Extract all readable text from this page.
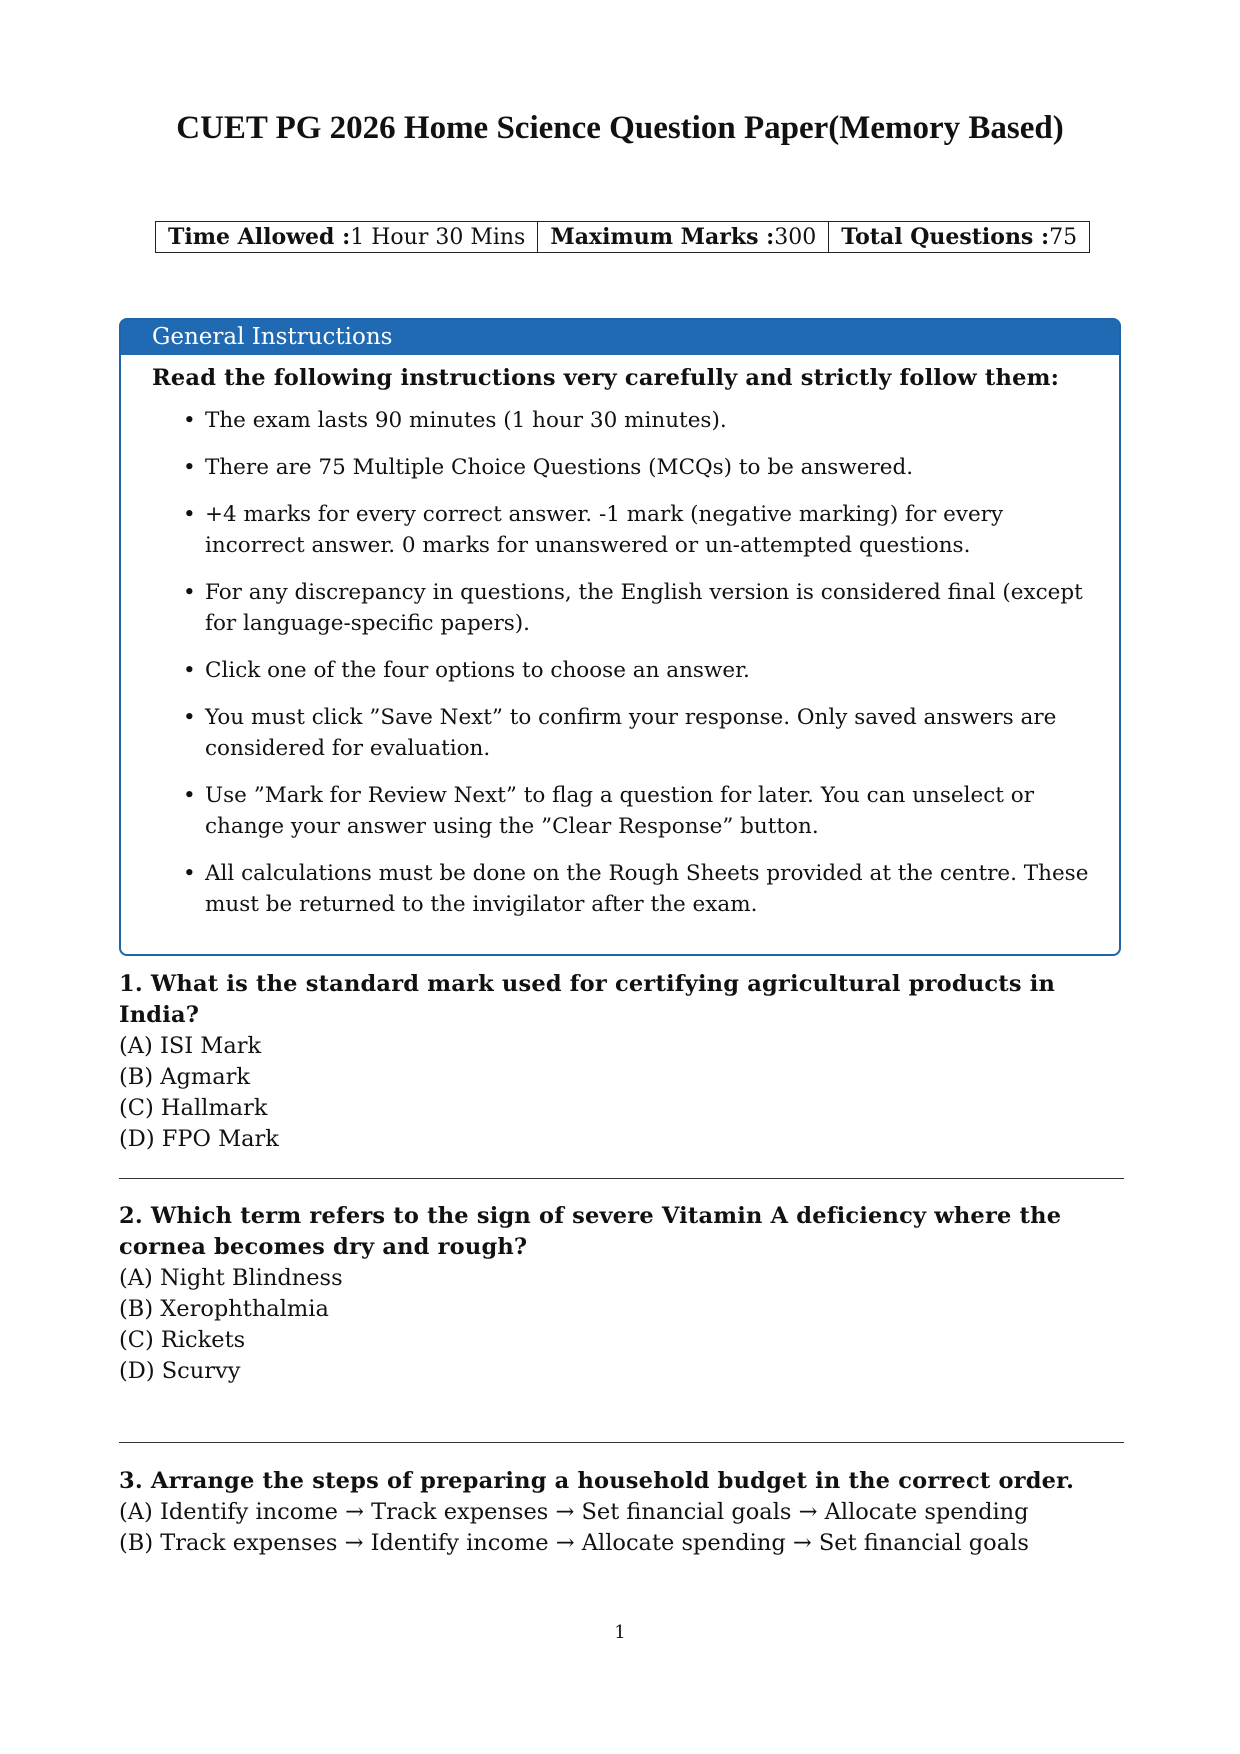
CUET PG 2026 Home Science Question Paper(Memory Based)
Time Allowed :1 Hour 30 Mins	Maximum Marks :300	Total Questions :75
General Instructions
Read the following instructions very carefully and strictly follow them:
• The exam lasts 90 minutes (1 hour 30 minutes).
• There are 75 Multiple Choice Questions (MCQs) to be answered.
• +4 marks for every correct answer. -1 mark (negative marking) for every incorrect answer. 0 marks for unanswered or un-attempted questions.
• For any discrepancy in questions, the English version is considered final (except for language-specific papers).
• Click one of the four options to choose an answer.
• You must click ”Save Next” to confirm your response. Only saved answers are considered for evaluation.
• Use ”Mark for Review Next” to flag a question for later. You can unselect or change your answer using the ”Clear Response” button.
• All calculations must be done on the Rough Sheets provided at the centre. These must be returned to the invigilator after the exam.
1. What is the standard mark used for certifying agricultural products in India?
(A) ISI Mark
(B) Agmark
(C) Hallmark
(D) FPO Mark
2. Which term refers to the sign of severe Vitamin A deficiency where the cornea becomes dry and rough?
(A) Night Blindness
(B) Xerophthalmia
(C) Rickets
(D) Scurvy
3. Arrange the steps of preparing a household budget in the correct order.
(A) Identify income → Track expenses → Set financial goals → Allocate spending
(B) Track expenses → Identify income → Allocate spending → Set financial goals
1
